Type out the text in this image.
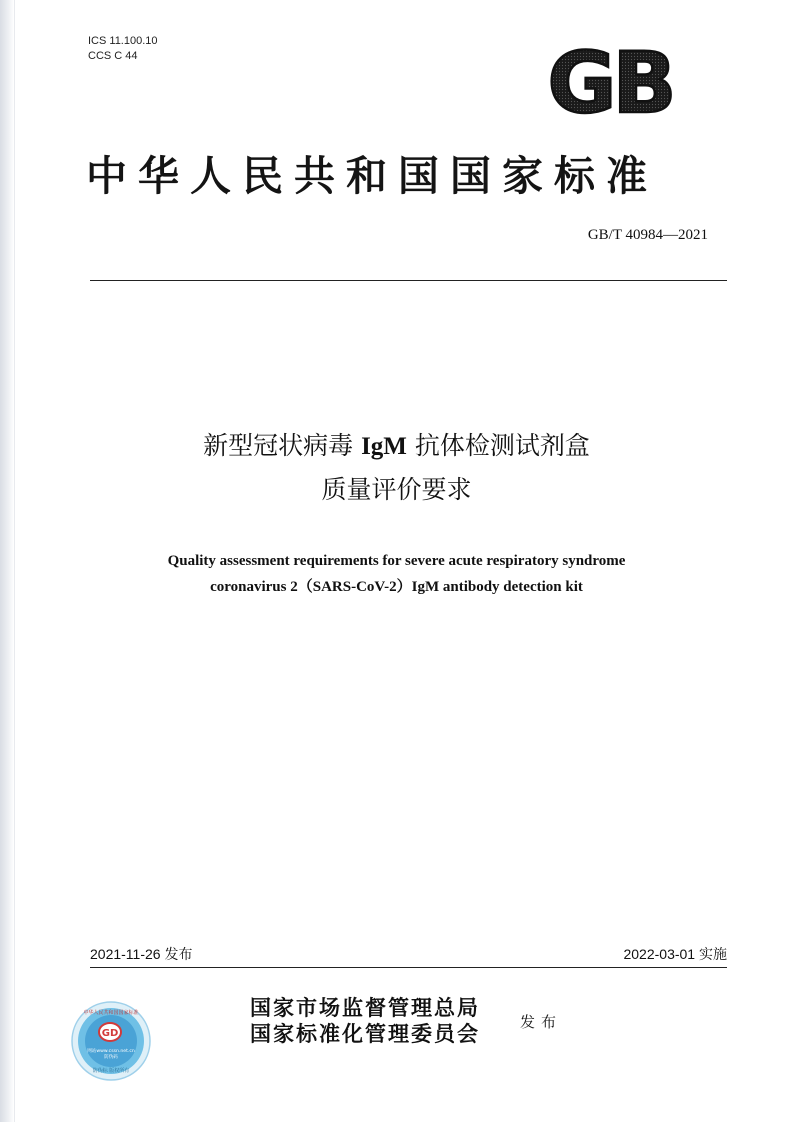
ICS 11.100.10
CCS C 44	GB
中华人民共和国国家标准
GB/T 40984—2021
新型冠状病毒 IgM 抗体检测试剂盒
质量评价要求
Quality assessment requirements for severe acute respiratory syndrome
coronavirus 2（SARS-CoV-2）IgM antibody detection kit
2021-11-26 发布	2022-03-01 实施
GD
中华人民共和国国家标准
网站www.cssn.net.cn
防伪码
防伪标 版权所有
国家市场监督管理总局
国家标准化管理委员会	发布
